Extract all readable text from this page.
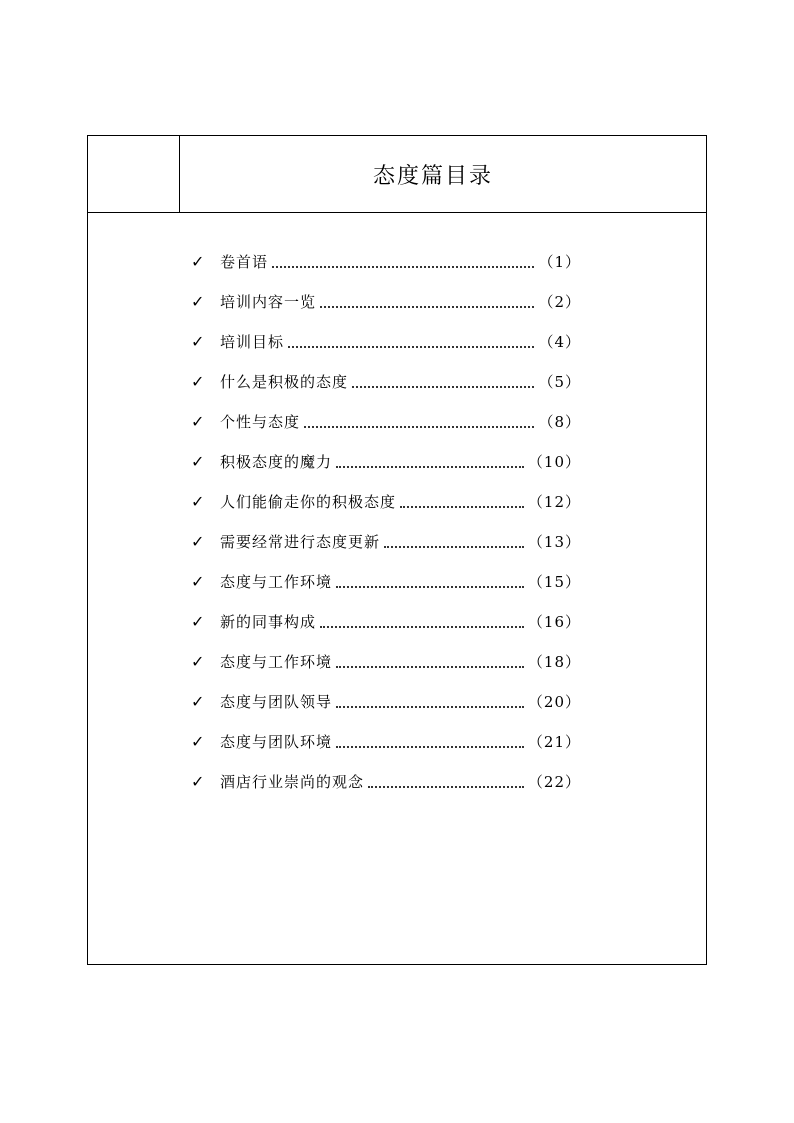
态度篇目录
✓	卷首语	（1）
✓	培训内容一览	（2）
✓	培训目标	（4）
✓	什么是积极的态度	（5）
✓	个性与态度	（8）
✓	积极态度的魔力	（10）
✓	人们能偷走你的积极态度	（12）
✓	需要经常进行态度更新	（13）
✓	态度与工作环境	（15）
✓	新的同事构成	（16）
✓	态度与工作环境	（18）
✓	态度与团队领导	（20）
✓	态度与团队环境	（21）
✓	酒店行业崇尚的观念	（22）
